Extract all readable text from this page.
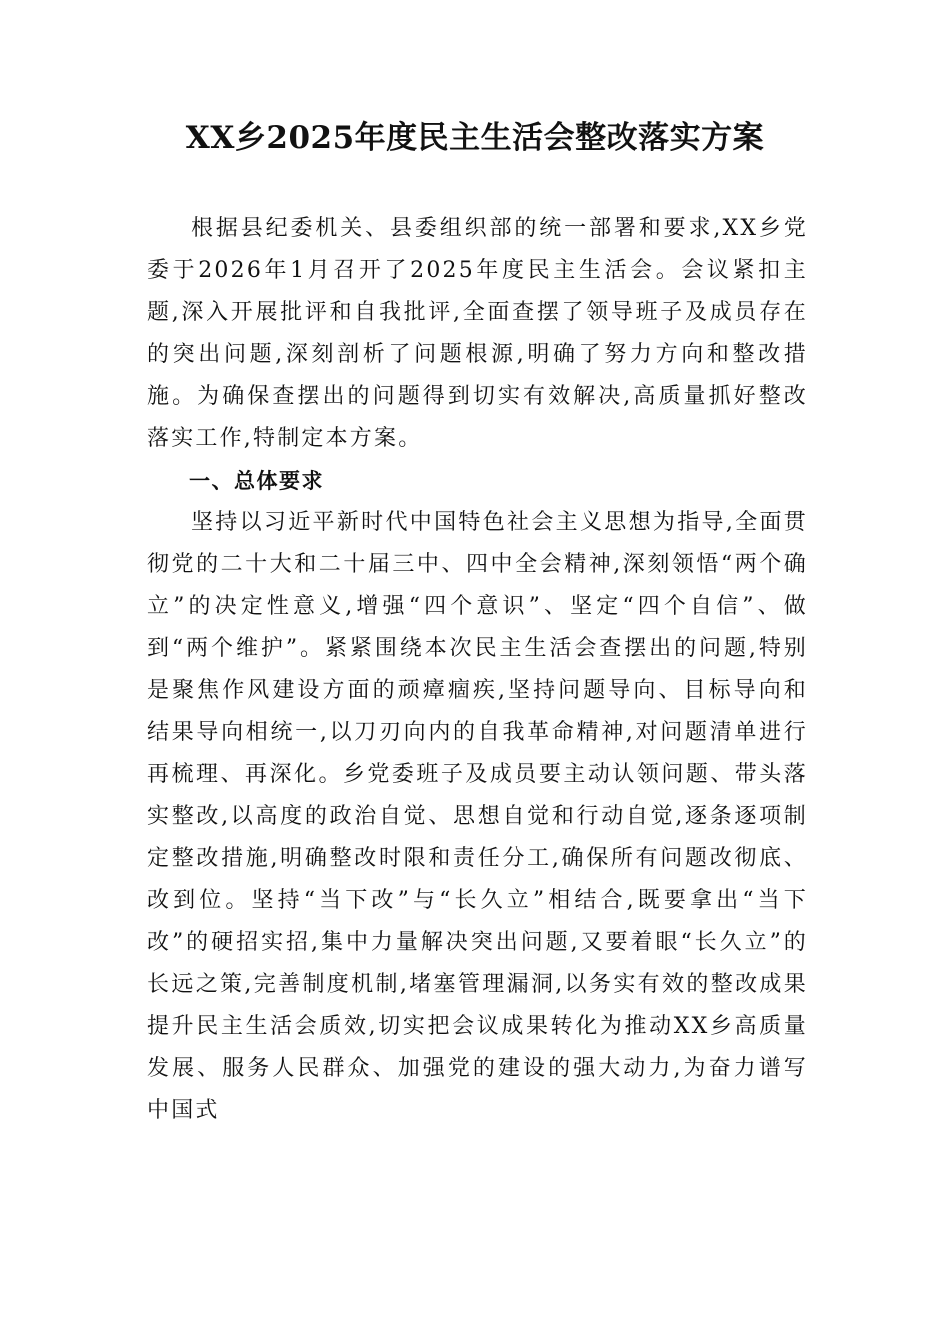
XX乡2025年度民主生活会整改落实方案

根据县纪委机关、县委组织部的统一部署和要求,XX乡党委于2026年1月召开了2025年度民主生活会。会议紧扣主题,深入开展批评和自我批评,全面查摆了领导班子及成员存在的突出问题,深刻剖析了问题根源,明确了努力方向和整改措施。为确保查摆出的问题得到切实有效解决,高质量抓好整改落实工作,特制定本方案。

一、总体要求

坚持以习近平新时代中国特色社会主义思想为指导,全面贯彻党的二十大和二十届三中、四中全会精神,深刻领悟“两个确立”的决定性意义,增强“四个意识”、坚定“四个自信”、做到“两个维护”。紧紧围绕本次民主生活会查摆出的问题,特别是聚焦作风建设方面的顽瘴痼疾,坚持问题导向、目标导向和结果导向相统一,以刀刃向内的自我革命精神,对问题清单进行再梳理、再深化。乡党委班子及成员要主动认领问题、带头落实整改,以高度的政治自觉、思想自觉和行动自觉,逐条逐项制定整改措施,明确整改时限和责任分工,确保所有问题改彻底、改到位。坚持“当下改”与“长久立”相结合,既要拿出“当下改”的硬招实招,集中力量解决突出问题,又要着眼“长久立”的长远之策,完善制度机制,堵塞管理漏洞,以务实有效的整改成果提升民主生活会质效,切实把会议成果转化为推动XX乡高质量发展、服务人民群众、加强党的建设的强大动力,为奋力谱写中国式
